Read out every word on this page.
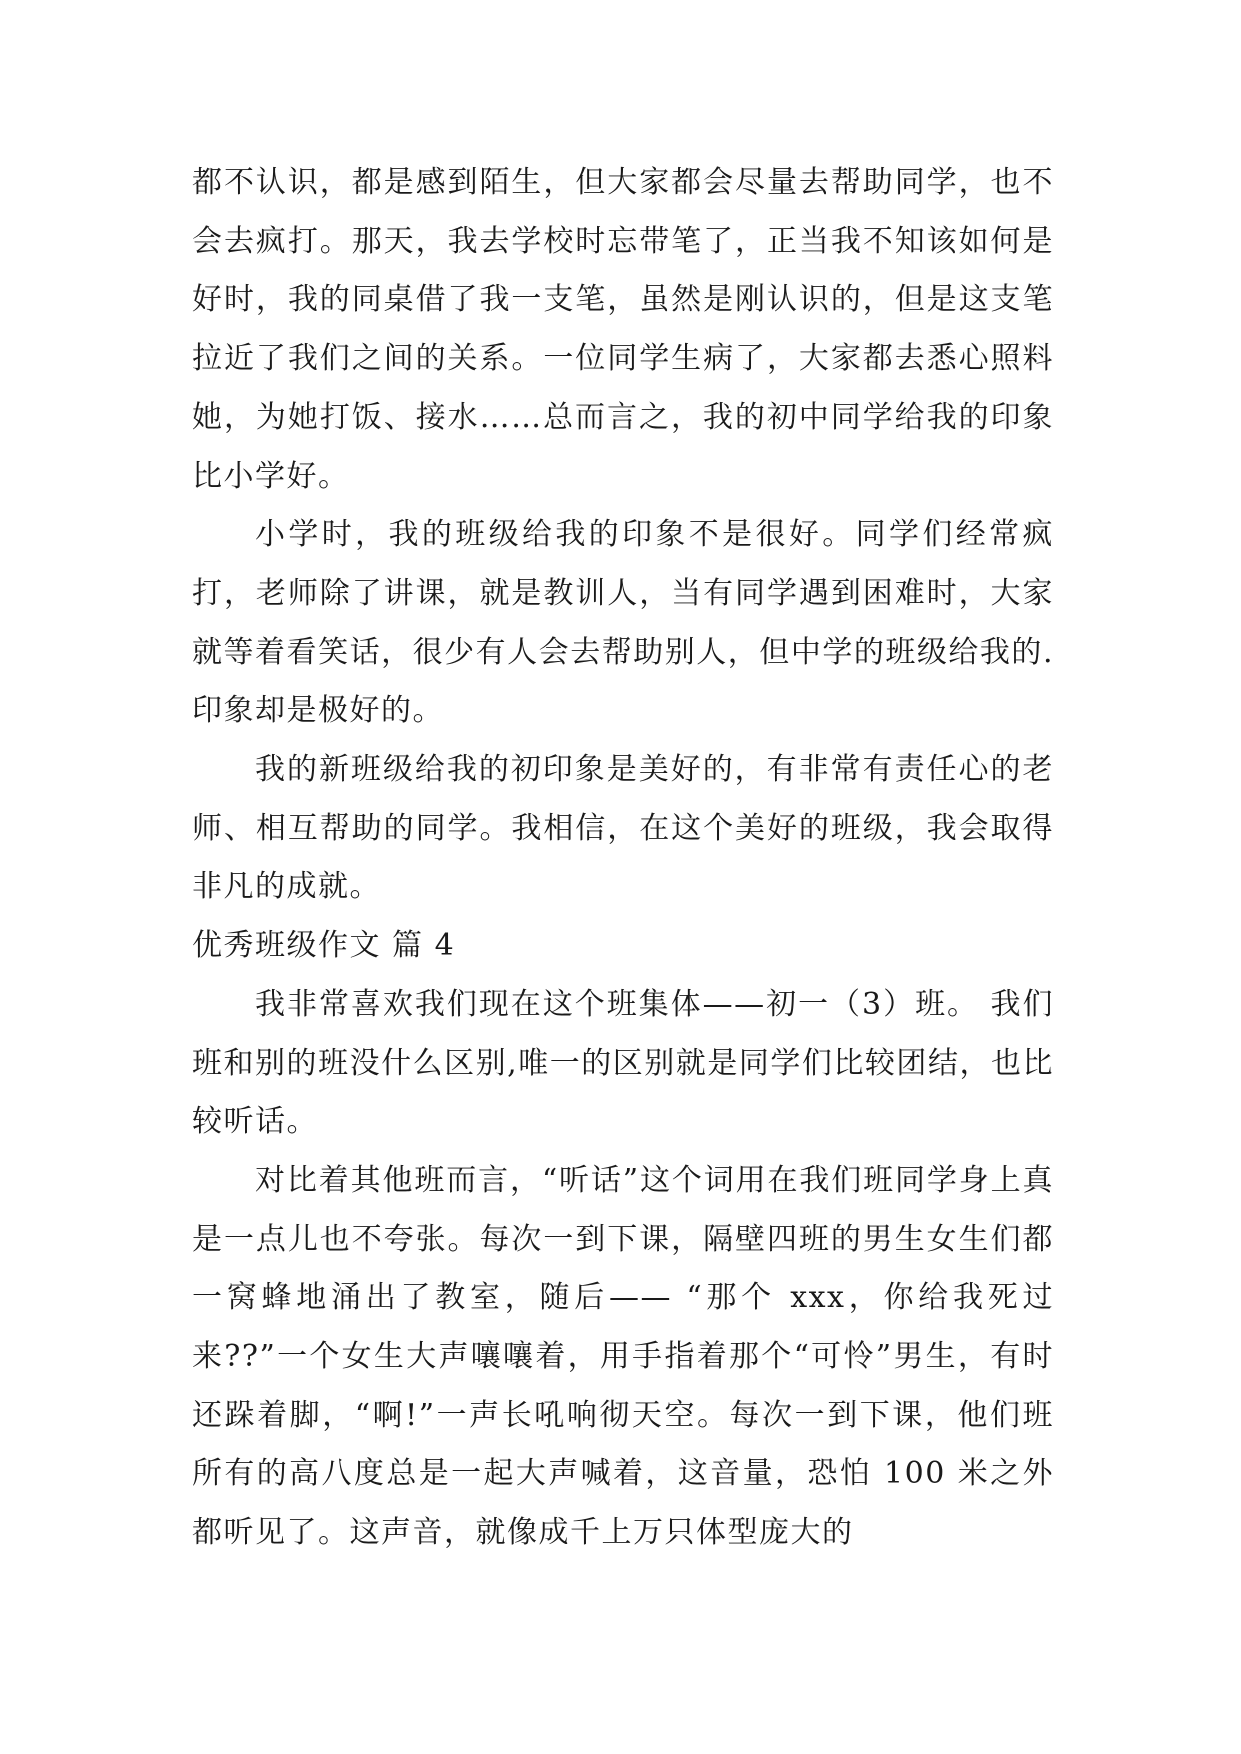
都不认识，都是感到陌生，但大家都会尽量去帮助同学，也不会去疯打。那天，我去学校时忘带笔了，正当我不知该如何是好时，我的同桌借了我一支笔，虽然是刚认识的，但是这支笔拉近了我们之间的关系。一位同学生病了，大家都去悉心照料她，为她打饭、接水……总而言之，我的初中同学给我的印象比小学好。

小学时，我的班级给我的印象不是很好。同学们经常疯打，老师除了讲课，就是教训人，当有同学遇到困难时，大家就等着看笑话，很少有人会去帮助别人，但中学的班级给我的.印象却是极好的。

我的新班级给我的初印象是美好的，有非常有责任心的老师、相互帮助的同学。我相信，在这个美好的班级，我会取得非凡的成就。

优秀班级作文 篇 4

我非常喜欢我们现在这个班集体——初一（3）班。 我们班和别的班没什么区别,唯一的区别就是同学们比较团结，也比较听话。

对比着其他班而言，“听话”这个词用在我们班同学身上真是一点儿也不夸张。每次一到下课，隔壁四班的男生女生们都一窝蜂地涌出了教室，随后—— “那个 xxx，你给我死过来??”一个女生大声嚷嚷着，用手指着那个“可怜”男生，有时还跺着脚，“啊!”一声长吼响彻天空。每次一到下课，他们班所有的高八度总是一起大声喊着，这音量，恐怕 100 米之外都听见了。这声音，就像成千上万只体型庞大的
